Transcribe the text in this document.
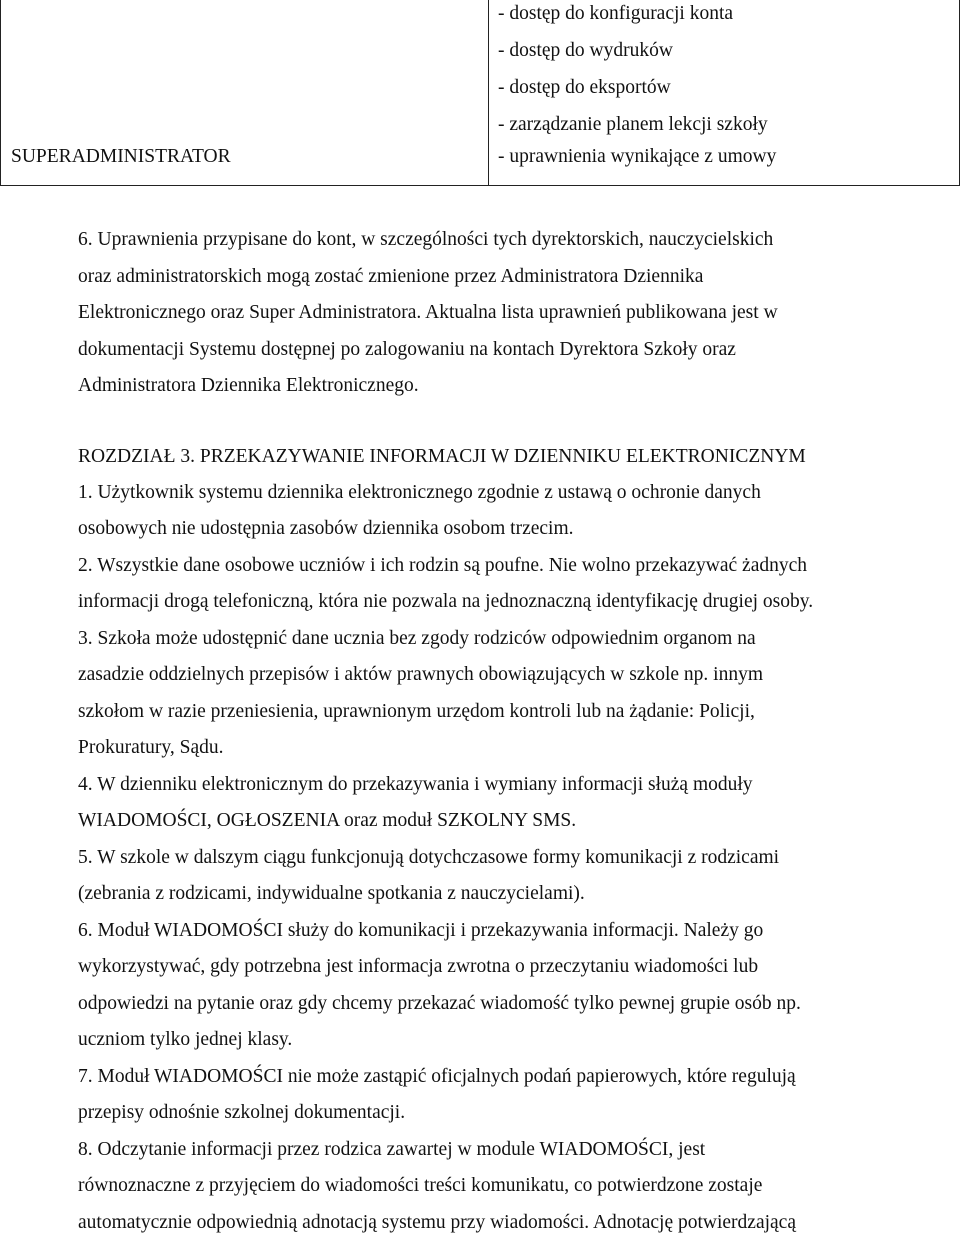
SUPERADMINISTRATOR

- dostęp do konfiguracji konta
- dostęp do wydruków
- dostęp do eksportów
- zarządzanie planem lekcji szkoły
- uprawnienia wynikające z umowy

6. Uprawnienia przypisane do kont, w szczególności tych dyrektorskich, nauczycielskich

oraz administratorskich mogą zostać zmienione przez Administratora Dziennika

Elektronicznego oraz Super Administratora. Aktualna lista uprawnień publikowana jest w

dokumentacji Systemu dostępnej po zalogowaniu na kontach Dyrektora Szkoły oraz

Administratora Dziennika Elektronicznego.

ROZDZIAŁ 3. PRZEKAZYWANIE INFORMACJI W DZIENNIKU ELEKTRONICZNYM

1. Użytkownik systemu dziennika elektronicznego zgodnie z ustawą o ochronie danych

osobowych nie udostępnia zasobów dziennika osobom trzecim.

2. Wszystkie dane osobowe uczniów i ich rodzin są poufne. Nie wolno przekazywać żadnych

informacji drogą telefoniczną, która nie pozwala na jednoznaczną identyfikację drugiej osoby.

3. Szkoła może udostępnić dane ucznia bez zgody rodziców odpowiednim organom na

zasadzie oddzielnych przepisów i aktów prawnych obowiązujących w szkole np. innym

szkołom w razie przeniesienia, uprawnionym urzędom kontroli lub na żądanie: Policji,

Prokuratury, Sądu.

4. W dzienniku elektronicznym do przekazywania i wymiany informacji służą moduły

WIADOMOŚCI, OGŁOSZENIA oraz moduł SZKOLNY SMS.

5. W szkole w dalszym ciągu funkcjonują dotychczasowe formy komunikacji z rodzicami

(zebrania z rodzicami, indywidualne spotkania z nauczycielami).

6. Moduł WIADOMOŚCI służy do komunikacji i przekazywania informacji. Należy go

wykorzystywać, gdy potrzebna jest informacja zwrotna o przeczytaniu wiadomości lub

odpowiedzi na pytanie oraz gdy chcemy przekazać wiadomość tylko pewnej grupie osób np.

uczniom tylko jednej klasy.

7. Moduł WIADOMOŚCI nie może zastąpić oficjalnych podań papierowych, które regulują

przepisy odnośnie szkolnej dokumentacji.

8. Odczytanie informacji przez rodzica zawartej w module WIADOMOŚCI, jest

równoznaczne z przyjęciem do wiadomości treści komunikatu, co potwierdzone zostaje

automatycznie odpowiednią adnotacją systemu przy wiadomości. Adnotację potwierdzającą
